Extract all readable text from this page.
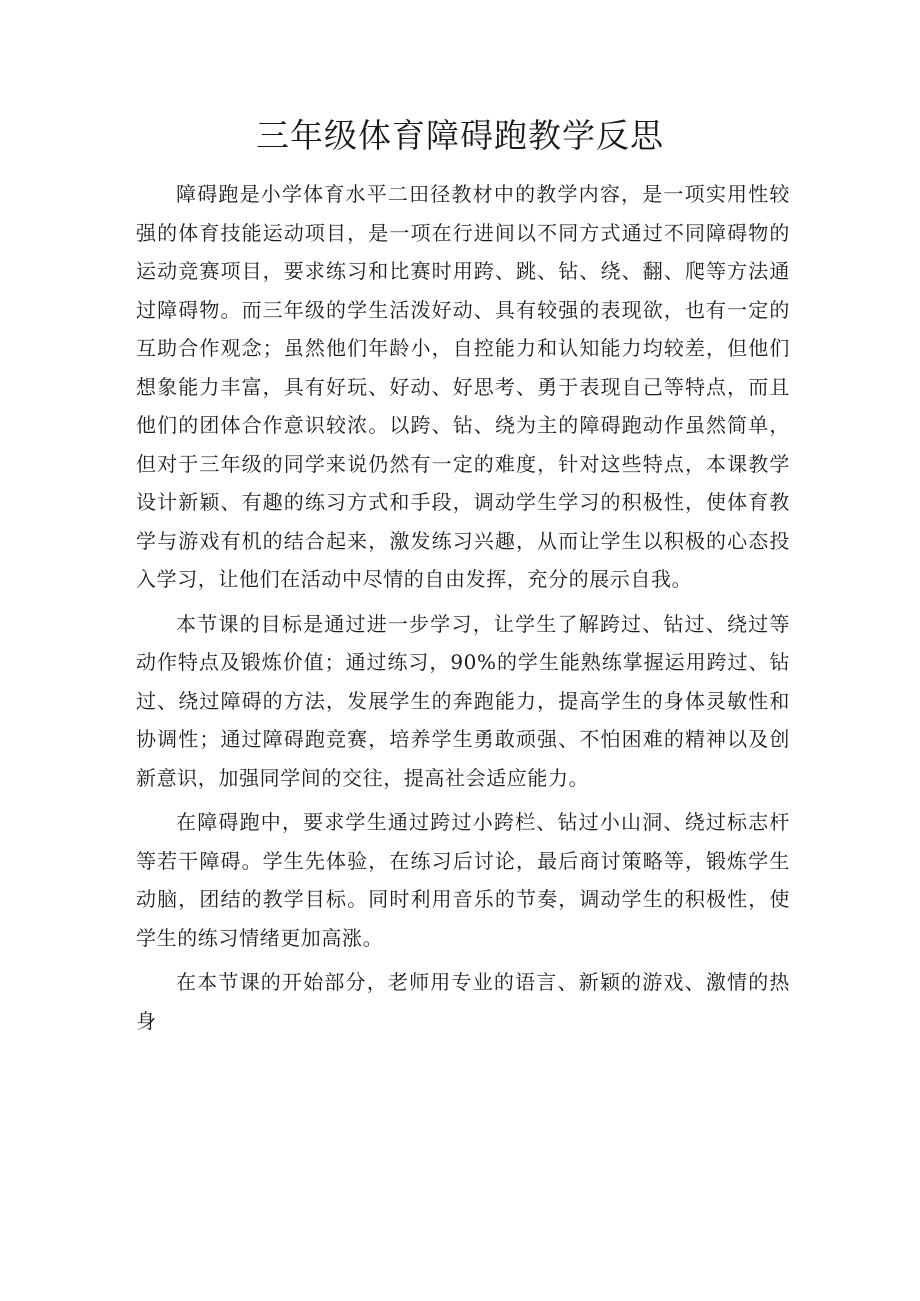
三年级体育障碍跑教学反思

障碍跑是小学体育水平二田径教材中的教学内容，是一项实用性较强的体育技能运动项目，是一项在行进间以不同方式通过不同障碍物的运动竞赛项目，要求练习和比赛时用跨、跳、钻、绕、翻、爬等方法通过障碍物。而三年级的学生活泼好动、具有较强的表现欲，也有一定的互助合作观念；虽然他们年龄小，自控能力和认知能力均较差，但他们想象能力丰富，具有好玩、好动、好思考、勇于表现自己等特点，而且他们的团体合作意识较浓。以跨、钻、绕为主的障碍跑动作虽然简单，但对于三年级的同学来说仍然有一定的难度，针对这些特点，本课教学设计新颖、有趣的练习方式和手段，调动学生学习的积极性，使体育教学与游戏有机的结合起来，激发练习兴趣，从而让学生以积极的心态投入学习，让他们在活动中尽情的自由发挥，充分的展示自我。

本节课的目标是通过进一步学习，让学生了解跨过、钻过、绕过等动作特点及锻炼价值；通过练习，90%的学生能熟练掌握运用跨过、钻过、绕过障碍的方法，发展学生的奔跑能力，提高学生的身体灵敏性和协调性；通过障碍跑竞赛，培养学生勇敢顽强、不怕困难的精神以及创新意识，加强同学间的交往，提高社会适应能力。

在障碍跑中，要求学生通过跨过小跨栏、钻过小山洞、绕过标志杆等若干障碍。学生先体验，在练习后讨论，最后商讨策略等，锻炼学生动脑，团结的教学目标。同时利用音乐的节奏，调动学生的积极性，使学生的练习情绪更加高涨。

在本节课的开始部分，老师用专业的语言、新颖的游戏、激情的热身
